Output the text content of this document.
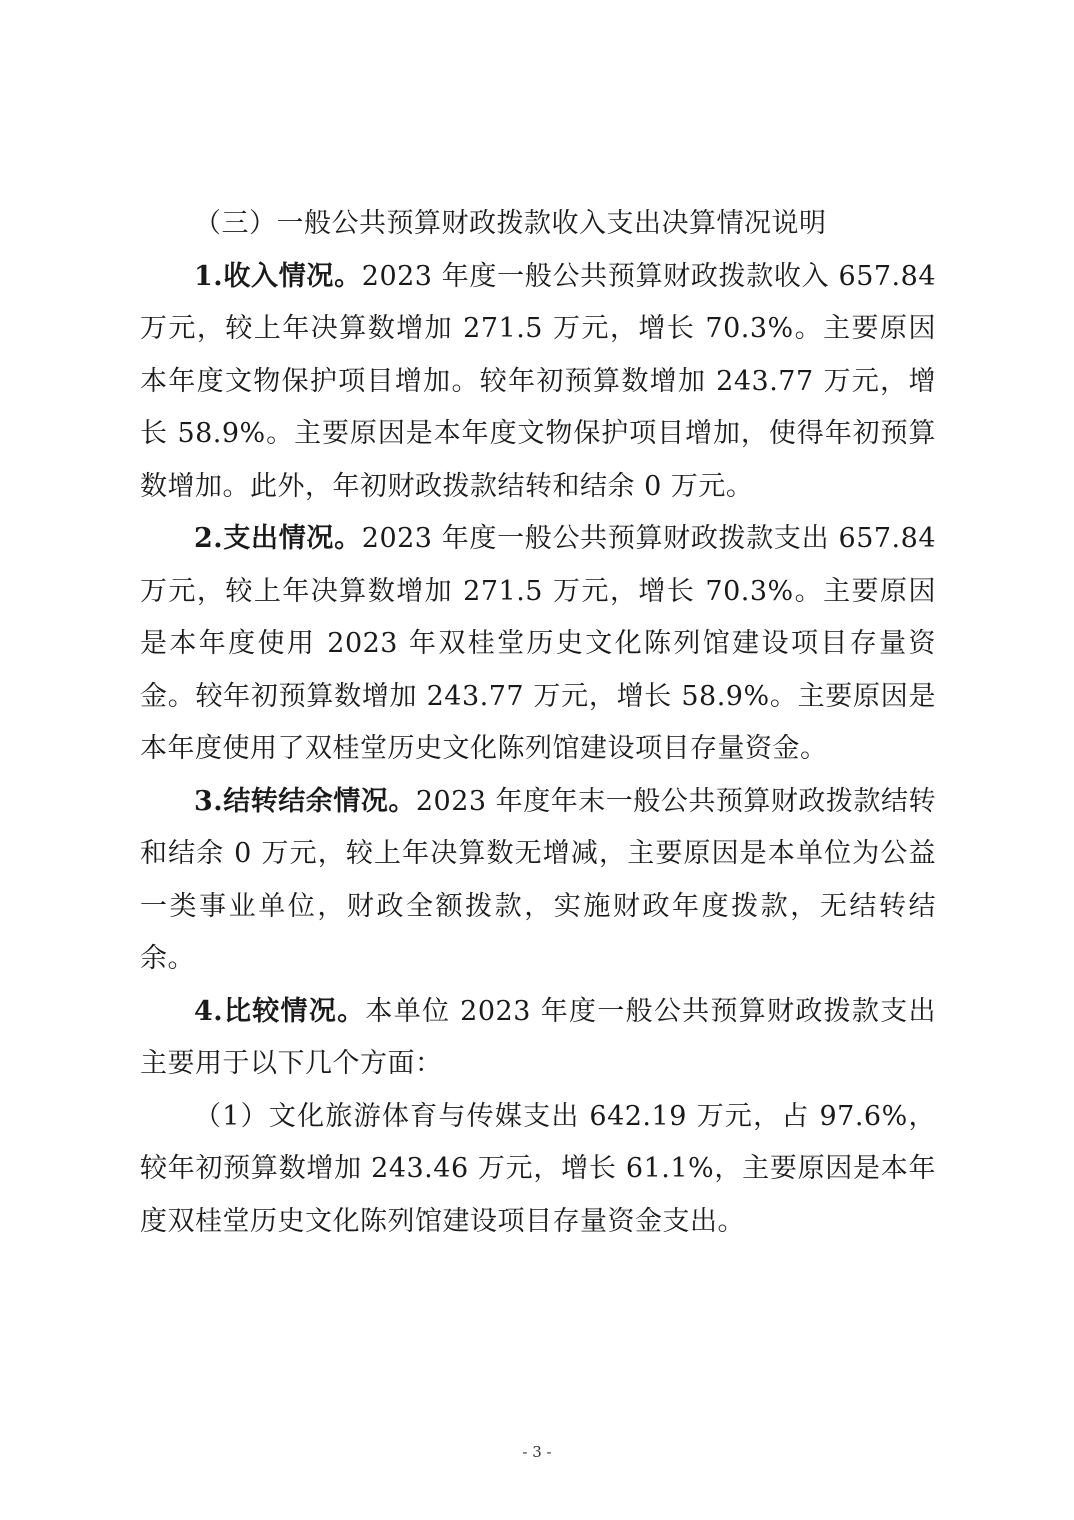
（三）一般公共预算财政拨款收入支出决算情况说明

1.收入情况。2023 年度一般公共预算财政拨款收入 657.84 万元，较上年决算数增加 271.5 万元，增长 70.3%。主要原因本年度文物保护项目增加。较年初预算数增加 243.77 万元，增长 58.9%。主要原因是本年度文物保护项目增加，使得年初预算数增加。此外，年初财政拨款结转和结余 0 万元。

2.支出情况。2023 年度一般公共预算财政拨款支出 657.84 万元，较上年决算数增加 271.5 万元，增长 70.3%。主要原因是本年度使用 2023 年双桂堂历史文化陈列馆建设项目存量资金。较年初预算数增加 243.77 万元，增长 58.9%。主要原因是本年度使用了双桂堂历史文化陈列馆建设项目存量资金。

3.结转结余情况。2023 年度年末一般公共预算财政拨款结转和结余 0 万元，较上年决算数无增减，主要原因是本单位为公益一类事业单位，财政全额拨款，实施财政年度拨款，无结转结余。

4.比较情况。本单位 2023 年度一般公共预算财政拨款支出主要用于以下几个方面：

（1）文化旅游体育与传媒支出 642.19 万元，占 97.6%，较年初预算数增加 243.46 万元，增长 61.1%，主要原因是本年度双桂堂历史文化陈列馆建设项目存量资金支出。

- 3 -
